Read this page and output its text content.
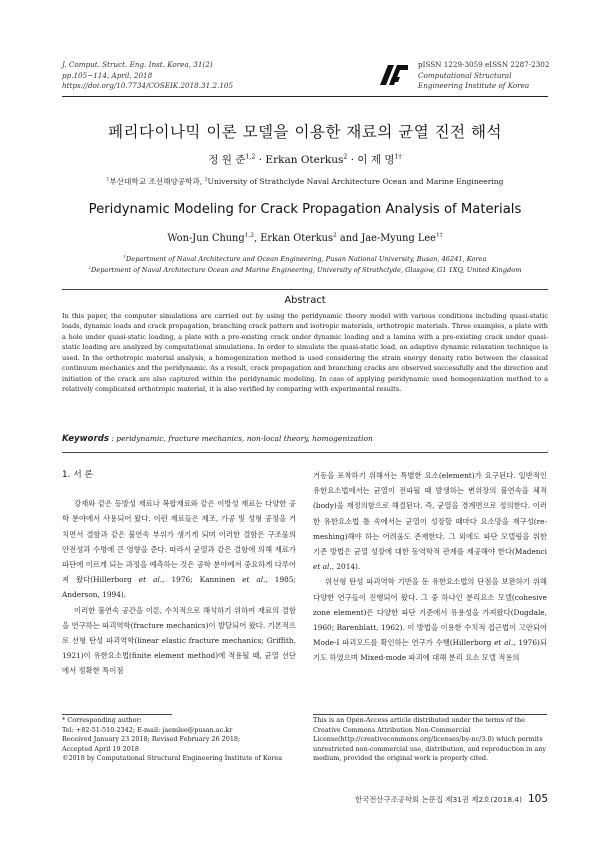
J. Comput. Struct. Eng. Inst. Korea, 31(2)
pp.105~114, April, 2018
https://doi.org/10.7734/COSEIK.2018.31.2.105
pISSN 1229-3059 eISSN 2287-2302
Computational Structural
Engineering Institute of Korea
페리다이나믹 이론 모델을 이용한 재료의 균열 진전 해석
정 원 준$^{1,2}$ · Erkan Oterkus$^2$ · 이 제 명$^{1\dagger}$
$^1$부산대학교 조선해양공학과, $^2$University of Strathclyde Naval Architecture Ocean and Marine Engineering
Peridynamic Modeling for Crack Propagation Analysis of Materials
Won-Jun Chung$^{1,2}$, Erkan Oterkus$^2$ and Jae-Myung Lee$^{1\dagger}$
$^1$Department of Naval Architecture and Ocean Engineering, Pusan National University, Busan, 46241, Korea
$^2$Department of Naval Architecture Ocean and Marine Engineering, University of Strathclyde, Glasgow, G1 1XQ, United Kingdom
Abstract
In this paper, the computer simulations are carried out by using the peridynamic theory model with various conditions including quasi-static loads, dynamic loads and crack propagation, branching crack pattern and isotropic materials, orthotropic materials. Three examples, a plate with a hole under quasi-static loading, a plate with a pre-existing crack under dynamic loading and a lamina with a pre-existing crack under quasi-static loading are analyzed by computational simulations. In order to simulate the quasi-static load, an adaptive dynamic relaxation technique is used. In the orthotropic material analysis, a homogenization method is used considering the strain energy density ratio between the classical continuum mechanics and the peridynamic. As a result, crack propagation and branching cracks are observed successfully and the direction and initiation of the crack are also captured within the peridynamic modeling. In case of applying peridynamic used homogenization method to a relatively complicated orthotropic material, it is also verified by comparing with experimental results.
Keywords : peridynamic, fracture mechanics, non-local theory, homogenization
1. 서 론

강재와 같은 등방성 재료나 복합재료와 같은 이방성 재료는 다양한 공학 분야에서 사용되어 왔다. 이런 재료들은 제조, 가공 및 성형 공정을 거치면서 결함과 같은 불연속 부위가 생기게 되며 이러한 결함은 구조물의 안전성과 수명에 큰 영향을 준다. 따라서 균열과 같은 결함에 의해 재료가 파단에 이르게 되는 과정을 예측하는 것은 공학 분야에서 중요하게 다루어져 왔다(Hillerborg et al., 1976; Kanninen et al., 1985; Anderson, 1994).

이러한 불연속 공간을 이론, 수치적으로 해석하기 위하여 재료의 결함을 연구하는 파괴역학(fracture mechanics)이 발달되어 왔다. 기본적으로 선형 탄성 파괴역학(linear elastic fracture mechanics; Griffith, 1921)이 유한요소법(finite element method)에 적용될 때, 균열 선단에서 정확한 특이점

거동을 포착하기 위해서는 특별한 요소(element)가 요구된다. 일반적인 유한요소법에서는 균열이 전파될 때 발생하는 변위장의 불연속을 체적(body)을 재정의함으로 해결된다. 즉, 균열을 경계면으로 정의한다. 이러한 유한요소법 틀 속에서는 균열이 성장할 때마다 요소망을 재구성(re-meshing)해야 하는 어려움도 존재한다. 그 외에도 파단 모델링을 위한 기존 방법은 균열 성장에 대한 동역학적 관계를 제공해야 한다(Madenci et al., 2014).

위선형 탄성 파괴역학 기반을 둔 유한요소법의 단점을 보완하기 위해 다양한 연구들이 진행되어 왔다. 그 중 하나인 분리요소 모델(cohesive zone element)은 다양한 파단 기준에서 유용성을 가져왔다(Dugdale, 1960; Barenblatt, 1962). 이 방법을 이용한 수치적 접근법이 고안되어 Mode-I 파괴모드를 확인하는 연구가 수행(Hillerborg et al., 1976)되기도 하였으며 Mixed-mode 파괴에 대해 분리 요소 모델 적용의

* Corresponding author:
Tel: +82-51-510-2342; E-mail: jaemlee@pusan.ac.kr
Received January 23 2018; Revised February 26 2018;
Accepted April 19 2018
©2018 by Computational Structural Engineering Institute of Korea
This is an Open-Access article distributed under the terms of the Creative Commons Attribution Non-Commercial License(http://creativecommons.org/licenses/by-nc/3.0) which permits unrestricted non-commercial use, distribution, and reproduction in any medium, provided the original work is properly cited.
한국전산구조공학회 논문집 제31권 제2호(2018.4) 105
